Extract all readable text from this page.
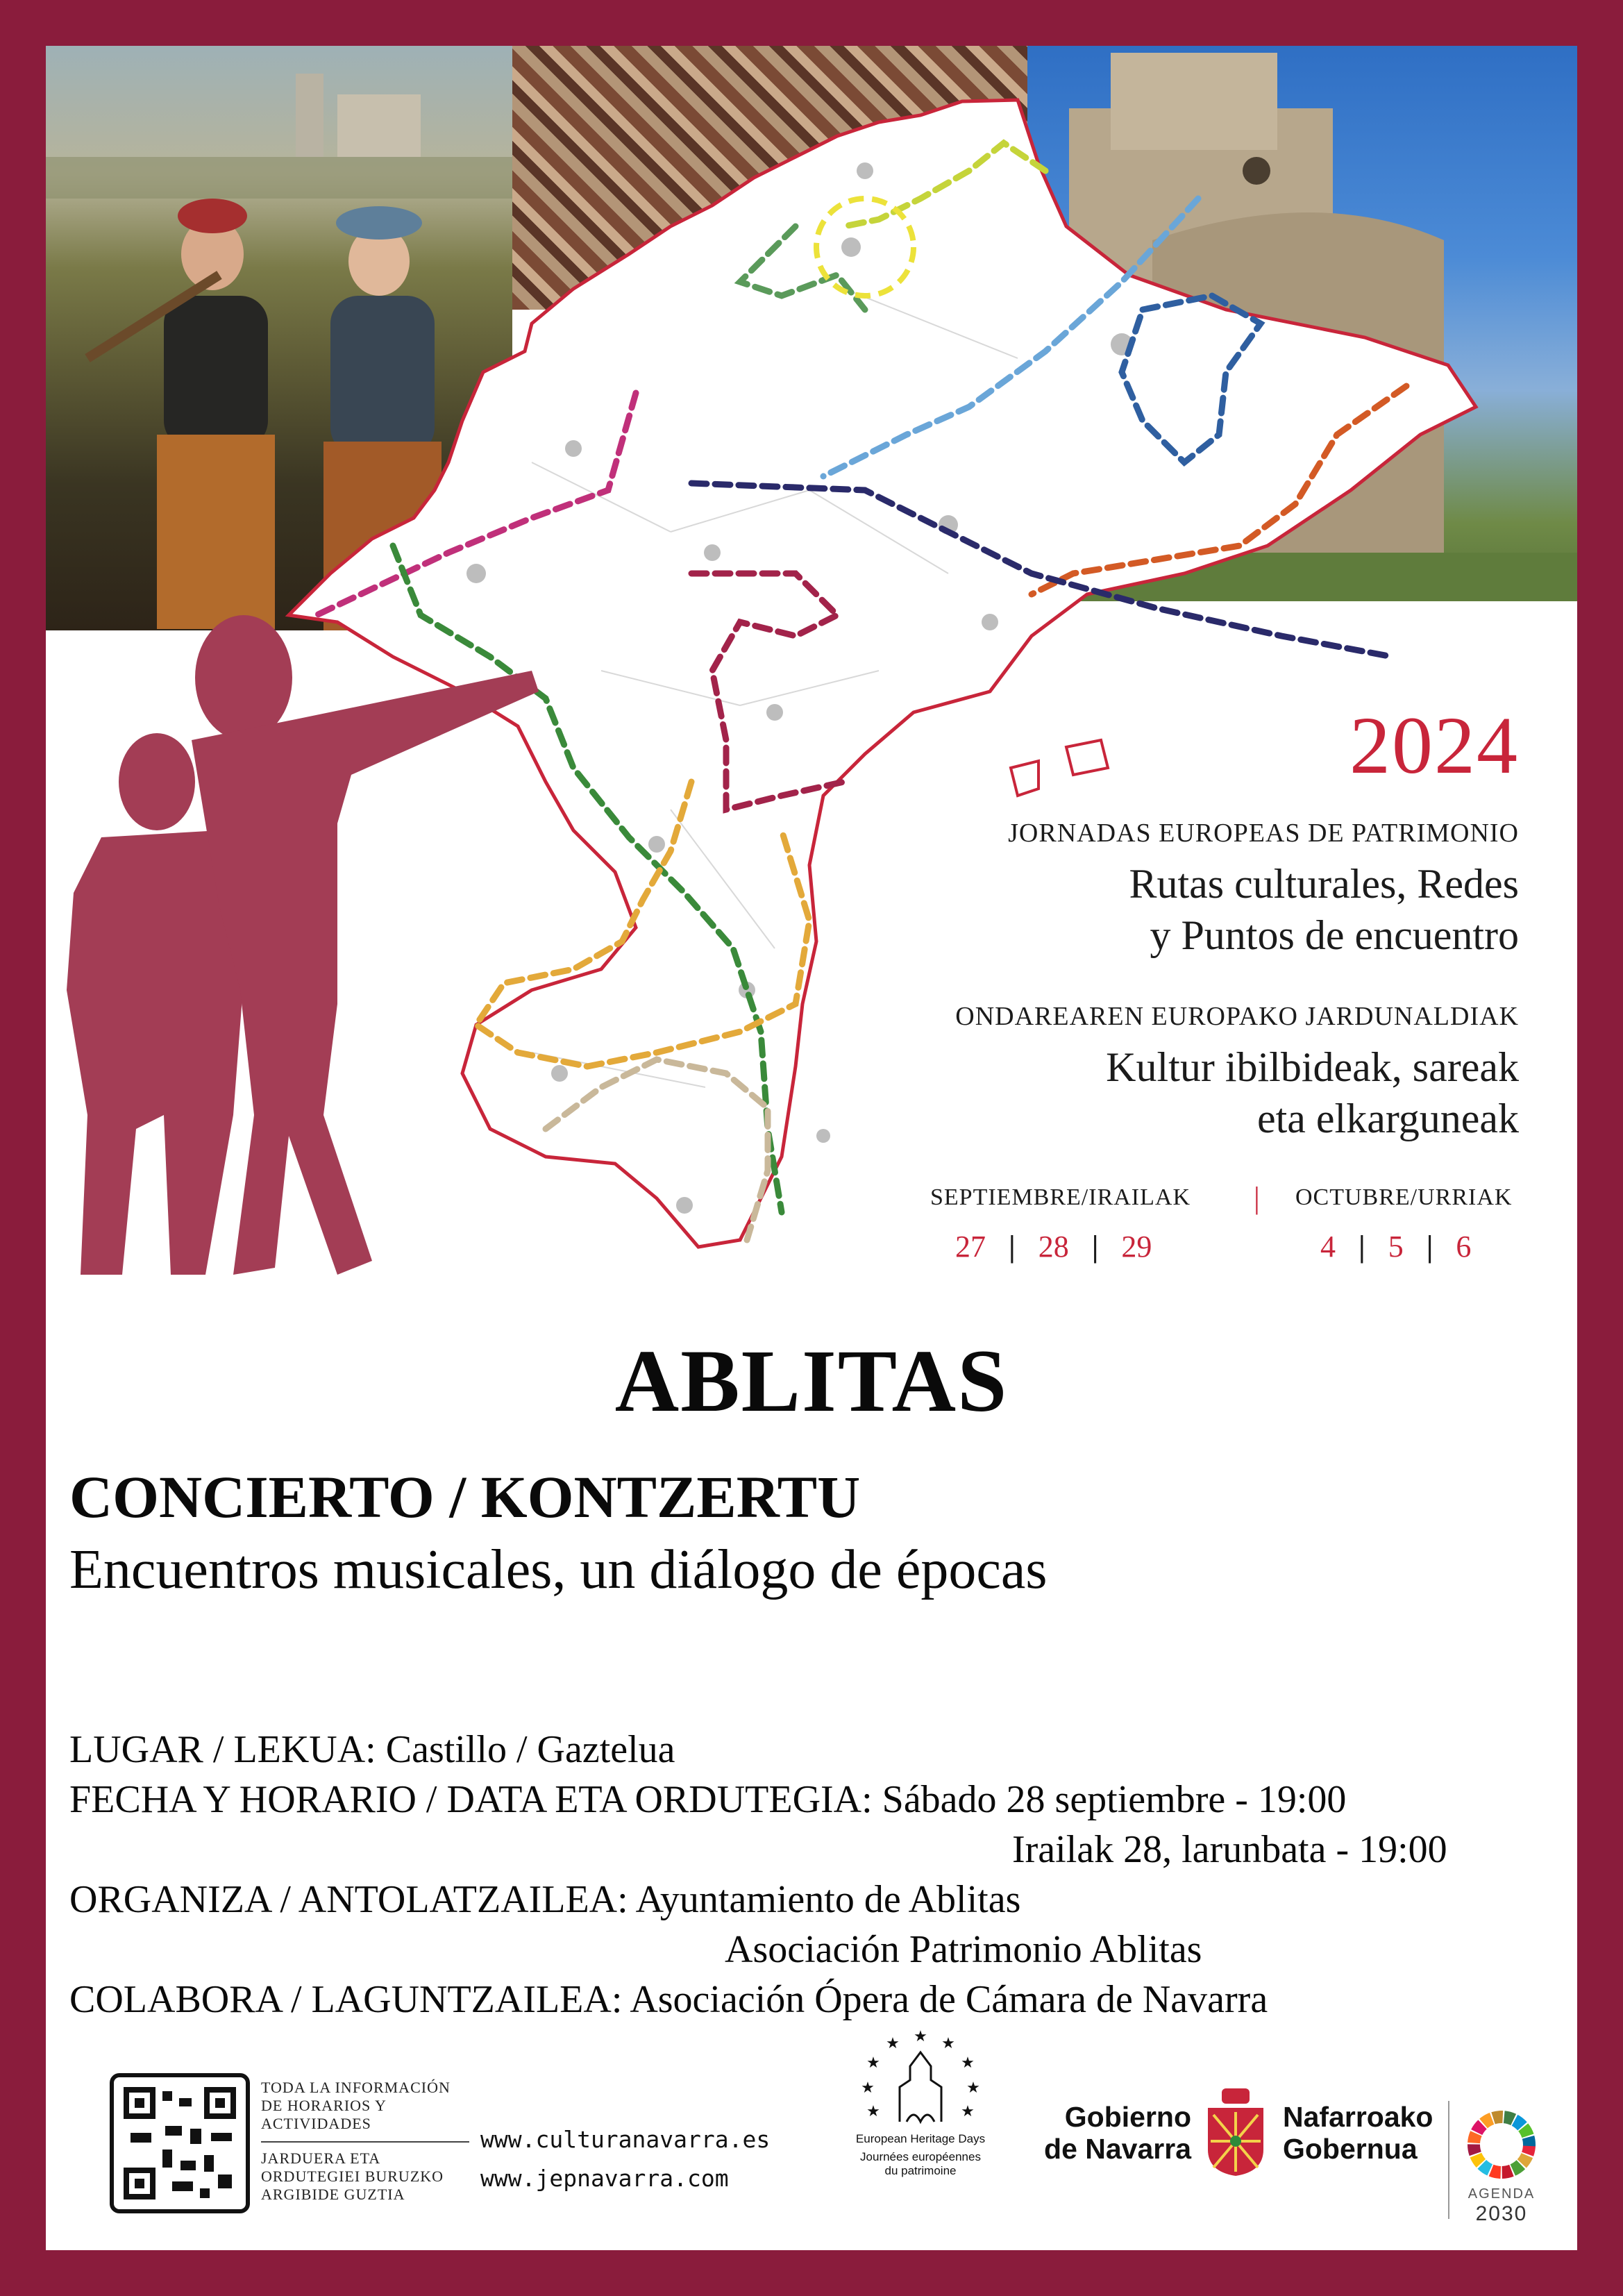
2024
JORNADAS EUROPEAS DE PATRIMONIO
Rutas culturales, Redes
y Puntos de encuentro
ONDAREAREN EUROPAKO JARDUNALDIAK
Kultur ibilbideak, sareak
eta elkarguneak
SEPTIEMBRE/IRAILAK | OCTUBRE/URRIAK
27 | 28 | 29	4 | 5 | 6
ABLITAS
CONCIERTO / KONTZERTU
Encuentros musicales, un diálogo de épocas
LUGAR / LEKUA: Castillo / Gaztelua
FECHA Y HORARIO / DATA ETA ORDUTEGIA: Sábado 28 septiembre - 19:00
Irailak 28, larunbata - 19:00
ORGANIZA / ANTOLATZAILEA: Ayuntamiento de Ablitas
Asociación Patrimonio Ablitas
COLABORA / LAGUNTZAILEA: Asociación Ópera de Cámara de Navarra
TODA LA INFORMACIÓN
DE HORARIOS Y
ACTIVIDADES
JARDUERA ETA
ORDUTEGIEI BURUZKO
ARGIBIDE GUZTIA
www.culturanavarra.es
www.jepnavarra.com
★ ★
★
★
★
★
★
★
★
European Heritage Days
Journées européennes
du patrimoine
Gobierno
de Navarra
Nafarroako
Gobernua
AGENDA
2030
